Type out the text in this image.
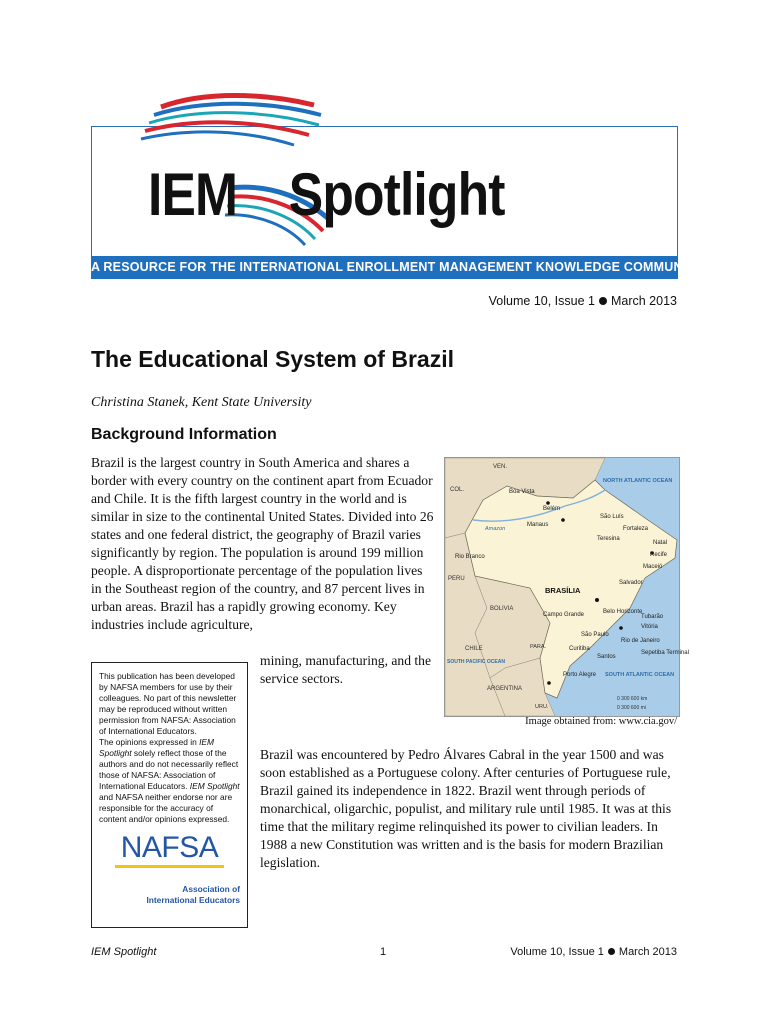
IEM Spotlight
A RESOURCE FOR THE INTERNATIONAL ENROLLMENT MANAGEMENT KNOWLEDGE COMMUNITY
Volume 10, Issue 1 March 2013
The Educational System of Brazil
Christina Stanek, Kent State University
Background Information
Brazil is the largest country in South America and shares a border with every country on the continent apart from Ecuador and Chile. It is the fifth largest country in the world and is similar in size to the continental United States. Divided into 26 states and one federal district, the geography of Brazil varies significantly by region. The population is around 199 million people. A disproportionate percentage of the population lives in the Southeast region of the country, and 87 percent lives in urban areas. Brazil has a rapidly growing economy. Key industries include agriculture,
mining, manufacturing, and the service sectors.
VEN.
COL.
PERU
BOLIVIA
CHILE
ARGENTINA
PARA.
URU.
BRASÍLIA
Boa Vista
Manaus
Belém
São Luís
Fortaleza
Teresina
Natal
Recife
Maceió
Salvador
Rio Branco
Campo Grande	Belo Horizonte
São Paulo
Curitiba
Santos
Rio de Janeiro
Tubarão
Vitória
Sepetiba Terminal
Porto Alegre
Amazon
NORTH ATLANTIC OCEAN
SOUTH ATLANTIC OCEAN
SOUTH PACIFIC OCEAN
0 300 600 km
0 300 600 mi
Image obtained from: www.cia.gov/

This publication has been developed by NAFSA members for use by their colleagues. No part of this newsletter may be reproduced without written permission from NAFSA: Association of International Educators.

The opinions expressed in IEM Spotlight solely reflect those of the authors and do not necessarily reflect those of NAFSA: Association of International Educators. IEM Spotlight and NAFSA neither endorse nor are responsible for the accuracy of content and/or opinions expressed.

NAFSA
Association of
International Educators
Brazil was encountered by Pedro Álvares Cabral in the year 1500 and was soon established as a Portuguese colony. After centuries of Portuguese rule, Brazil gained its independence in 1822. Brazil went through periods of monarchical, oligarchic, populist, and military rule until 1985. It was at this time that the military regime relinquished its power to civilian leaders. In 1988 a new Constitution was written and is the basis for modern Brazilian legislation.
IEM Spotlight	1	Volume 10, Issue 1 March 2013
